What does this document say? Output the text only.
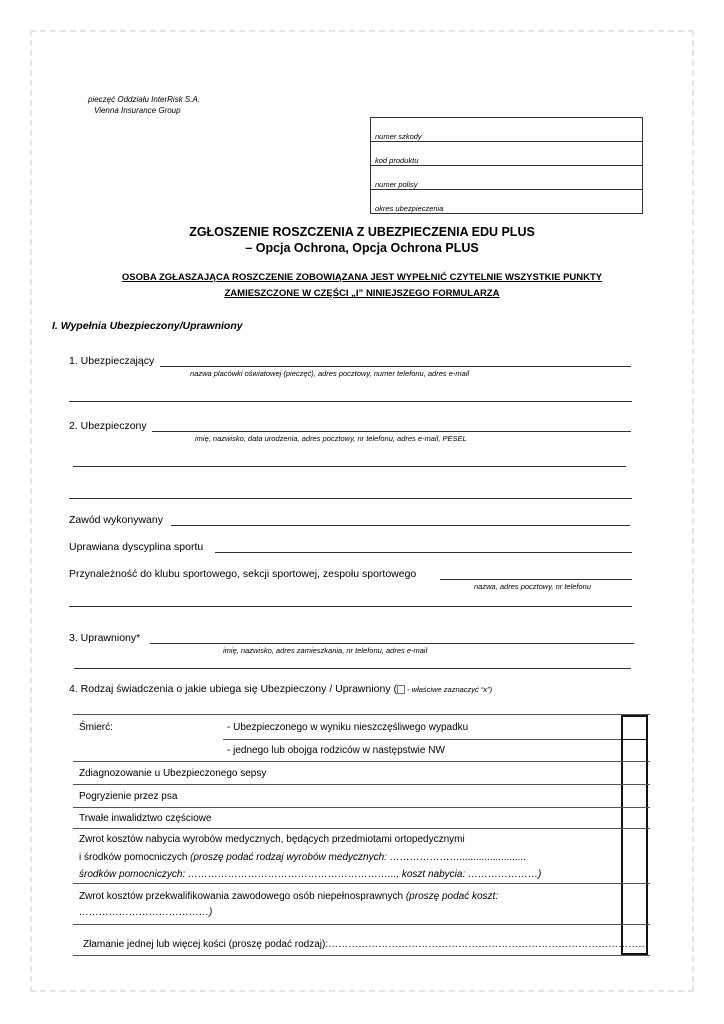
pieczęć Oddziału InterRisk S.A.
Vienna Insurance Group
numer szkody
kod produktu
numer polisy
okres ubezpieczenia
ZGŁOSZENIE ROSZCZENIA Z UBEZPIECZENIA EDU PLUS
– Opcja Ochrona, Opcja Ochrona PLUS
OSOBA ZGŁASZAJĄCA ROSZCZENIE ZOBOWIĄZANA JEST WYPEŁNIĆ CZYTELNIE WSZYSTKIE PUNKTY
ZAMIESZCZONE W CZĘŚCI „I” NINIEJSZEGO FORMULARZA
I. Wypełnia Ubezpieczony/Uprawniony
1. Ubezpieczający
nazwa placówki oświatowej (pieczęć), adres pocztowy, numer telefonu, adres e-mail
2. Ubezpieczony
imię, nazwisko, data urodzenia, adres pocztowy, nr telefonu, adres e-mail, PESEL
Zawód wykonywany
Uprawiana dyscyplina sportu
Przynależność do klubu sportowego, sekcji sportowej, zespołu sportowego
nazwa, adres pocztowy, nr telefonu
3. Uprawniony*
imię, nazwisko, adres zamieszkania, nr telefonu, adres e-mail
4. Rodzaj świadczenia o jakie ubiega się Ubezpieczony / Uprawniony ( - właściwe zaznaczyć “x”)
Śmierć:	- Ubezpieczonego w wyniku nieszczęśliwego wypadku
- jednego lub obojga rodziców w następstwie NW
Zdiagnozowanie u Ubezpieczonego sepsy
Pogryzienie przez psa
Trwałe inwalidztwo częściowe
Zwrot kosztów nabycia wyrobów medycznych, będących przedmiotami ortopedycznymi
i środków pomocniczych (proszę podać rodzaj wyrobów medycznych: …………………........................
środków pomocniczych: ……………………………………………………..., koszt nabycia: …………………)
Zwrot kosztów przekwalifikowania zawodowego osób niepełnosprawnych (proszę podać koszt:
…………………………………)
Złamanie jednej lub więcej kości (proszę podać rodzaj):……………………………………………………………………………………
